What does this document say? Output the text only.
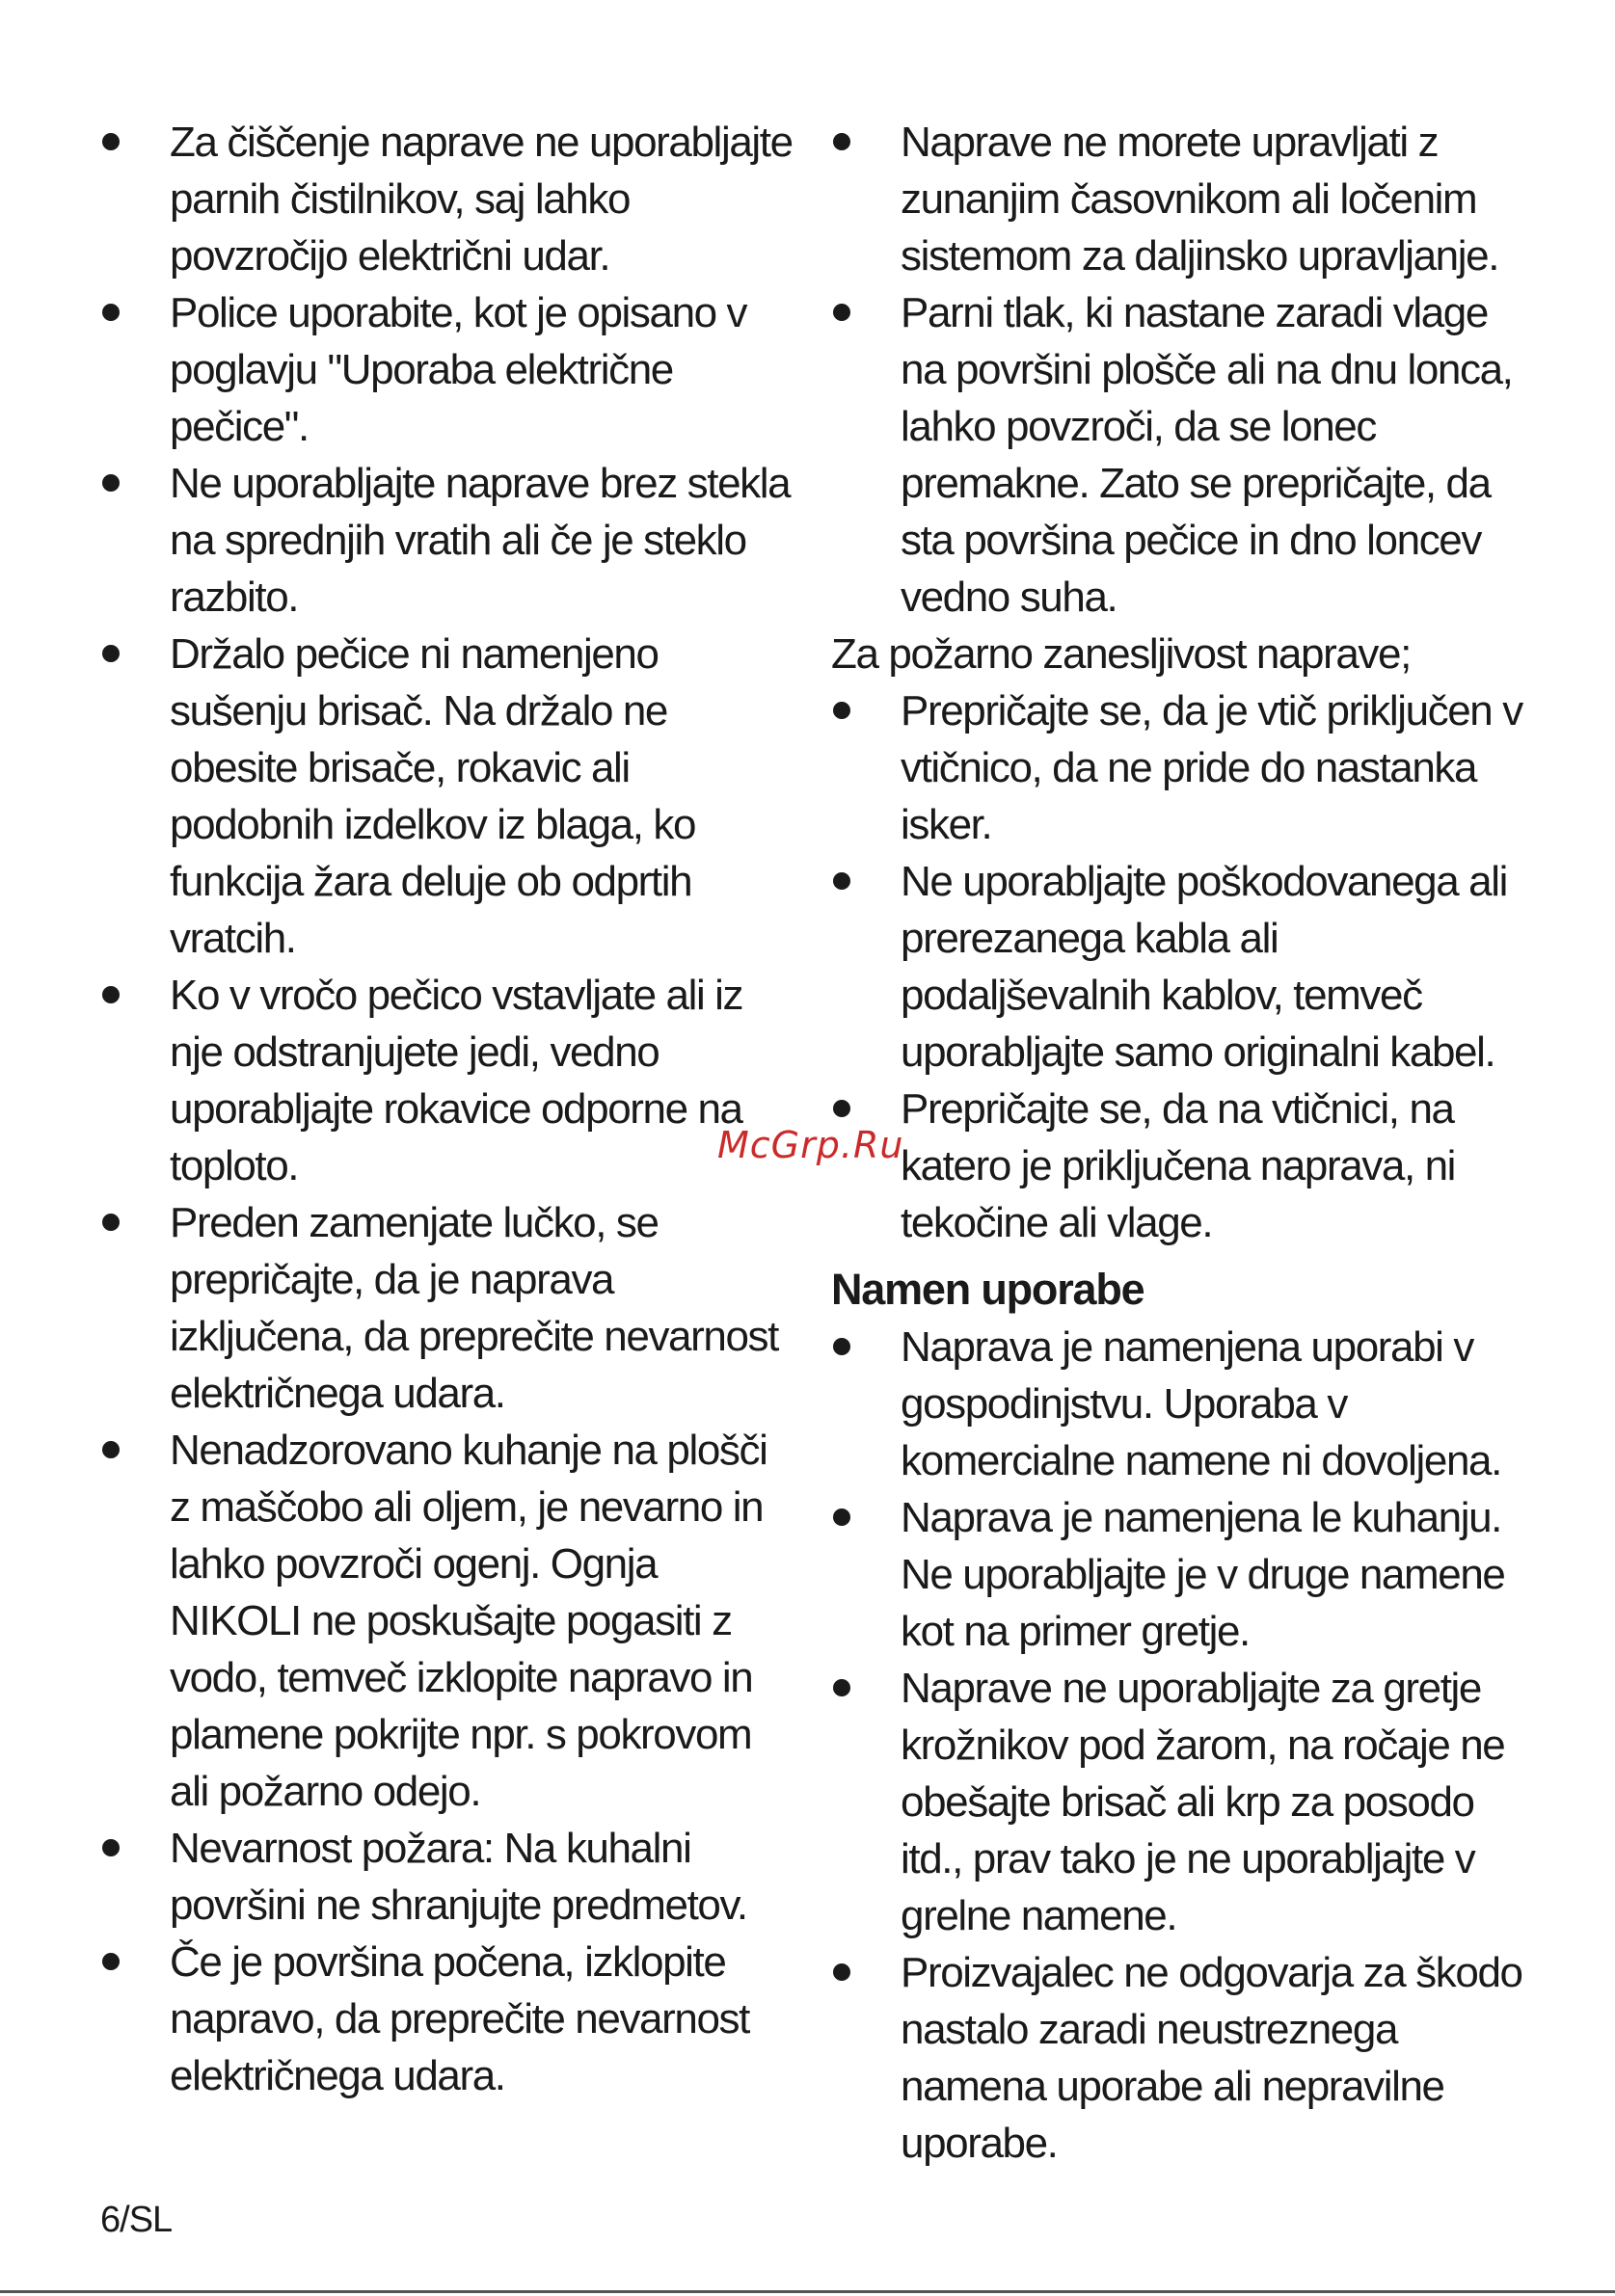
Za čiščenje naprave ne uporabljajte parnih čistilnikov, saj lahko povzročijo električni udar.
Police uporabite, kot je opisano v poglavju "Uporaba električne pečice".
Ne uporabljajte naprave brez stekla na sprednjih vratih ali če je steklo razbito.
Držalo pečice ni namenjeno sušenju brisač. Na držalo ne obesite brisače, rokavic ali podobnih izdelkov iz blaga, ko funkcija žara deluje ob odprtih vratcih.
Ko v vročo pečico vstavljate ali iz nje odstranjujete jedi, vedno uporabljajte rokavice odporne na toploto.
Preden zamenjate lučko, se prepričajte, da je naprava izključena, da preprečite nevarnost električnega udara.
Nenadzorovano kuhanje na plošči z maščobo ali oljem, je nevarno in lahko povzroči ogenj. Ognja NIKOLI ne poskušajte pogasiti z vodo, temveč izklopite napravo in plamene pokrijte npr. s pokrovom ali požarno odejo.
Nevarnost požara: Na kuhalni površini ne shranjujte predmetov.
Če je površina počena, izklopite napravo, da preprečite nevarnost električnega udara.
Naprave ne morete upravljati z zunanjim časovnikom ali ločenim sistemom za daljinsko upravljanje.
Parni tlak, ki nastane zaradi vlage na površini plošče ali na dnu lonca, lahko povzroči, da se lonec premakne. Zato se prepričajte, da sta površina pečice in dno loncev vedno suha.

Za požarno zanesljivost naprave;

Prepričajte se, da je vtič priključen v vtičnico, da ne pride do nastanka isker.
Ne uporabljajte poškodovanega ali prerezanega kabla ali podaljševalnih kablov, temveč uporabljajte samo originalni kabel.
Prepričajte se, da na vtičnici, na katero je priključena naprava, ni tekočine ali vlage.
Namen uporabe
Naprava je namenjena uporabi v gospodinjstvu. Uporaba v komercialne namene ni dovoljena.
Naprava je namenjena le kuhanju. Ne uporabljajte je v druge namene kot na primer gretje.
Naprave ne uporabljajte za gretje krožnikov pod žarom, na ročaje ne obešajte brisač ali krp za posodo itd., prav tako je ne uporabljajte v grelne namene.
Proizvajalec ne odgovarja za škodo nastalo zaradi neustreznega namena uporabe ali nepravilne uporabe.
McGrp.Ru
6/SL
